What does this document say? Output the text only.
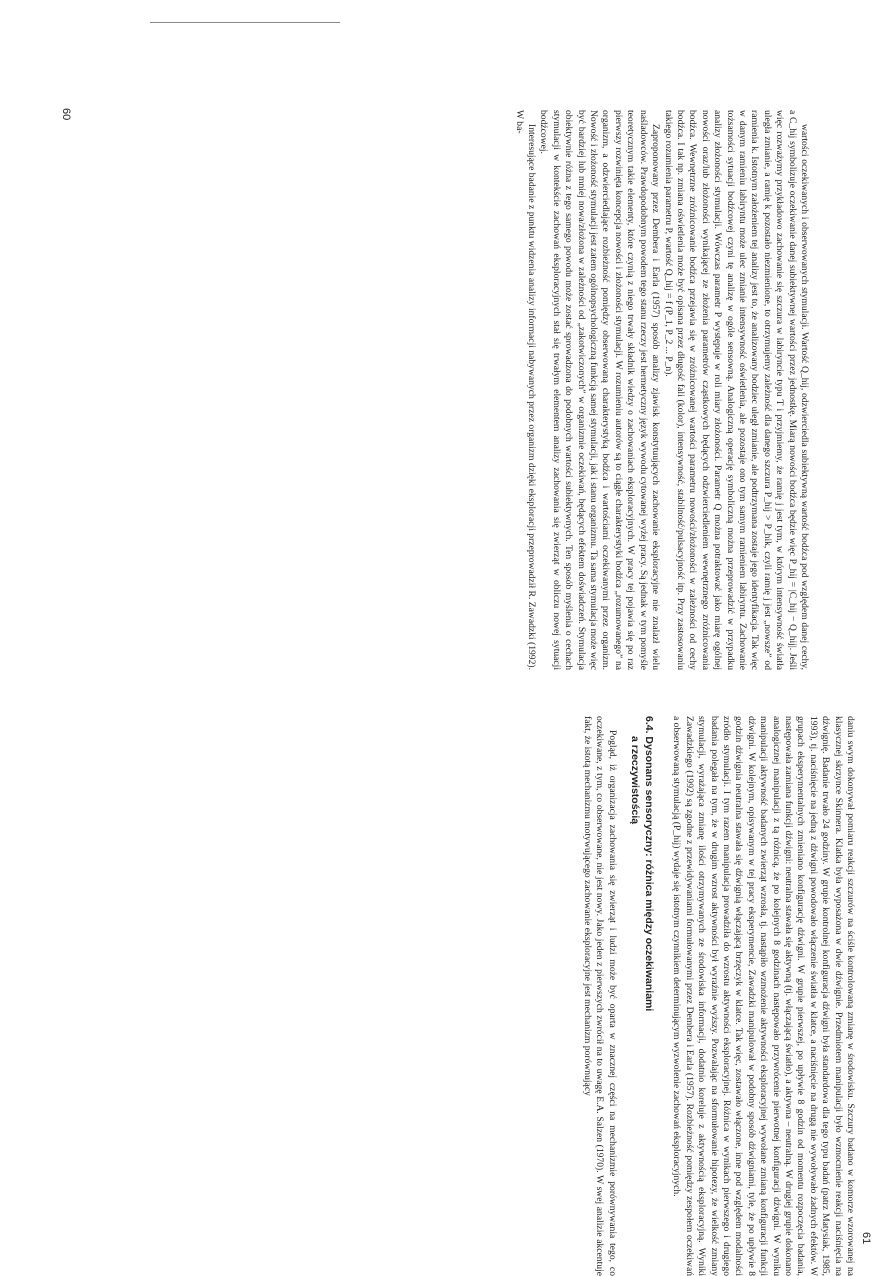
wartości oczekiwanych i obserwowanych stymulacji. Wartość Q_hij, odzwierciedla subiektywną wartość bodźca pod względem danej cechy, a C_hij symbolizuje oczekiwanie danej subiektywnej wartości przez jednostkę. Miarą nowości bodźca będzie więc P_hij = |C_hij − Q_hij|. Jeśli więc rozważymy przykładowo zachowanie się szczura w labiryncie typu T i przyjmiemy, że ramię j jest tym, w którym intensywność światła uległa zmianie, a ramię k pozostało niezmienione, to otrzymujemy zależność dla danego szczura P_hij > P_hik, czyli ramię j jest „nowsze” od ramienia k. Istotnym założeniem tej analizy jest to, że analizowany bodziec uległ zmianie, ale podtrzymana zostaje jego identyfikacja. Tak więc w danym ramieniu labiryntu może ulec zmianie intensywność oświetlenia, ale pozostaje ono tym samym ramieniem labiryntu. Zachowanie tożsamości sytuacji bodźcowej czyni tę analizę w ogóle sensowną. Analogiczną operację symboliczną można przeprowadzić w przypadku analizy złożoności stymulacji. Wówczas parametr P występuje w roli miary złożoności. Parametr Q można potraktować jako miarę ogólnej nowości oraz/lub złożoności wynikającej ze złożenia parametrów cząstkowych będących odzwierciedleniem wewnętrznego zróżnicowania bodźca. Wewnętrzne zróżnicowanie bodźca przejawia się w zróżnicowanej wartości parametru nowości/złożoności w zależności od cechy bodźca. I tak np. zmiana oświetlenia może być opisana przez długość fali (kolor), intensywność, stabilność/pulsacyjność itp. Przy zastosowaniu takiego rozumienia parametru P, wartość Q_hij = f (P_1, P_2 ... P_n).

Zaproponowany przez Dembera i Earla (1957) sposób analizy zjawisk konstytuujących zachowanie eksploracyjne nie znalazł wielu naśladowców. Prawdopodobnym powodem tego stanu rzeczy jest hermetyczny język wywodu cytowanej wyżej pracy. Są jednak w tym pomyśle teoretycznym takie elementy, które czynią z niego trwały składnik wiedzy o zachowaniach eksploracyjnych. W pracy tej pojawia się po raz pierwszy rozwinięta koncepcja nowości i złożoności stymulacji. W rozumieniu autorów są to ciągłe charakterystyki bodźca „rozumowanego” na organizm, a odzwierciedlające rozbieżność pomiędzy obserwowaną charakterystyką bodźca i wartościami oczekiwanymi przez organizm. Nowość i złożoność stymulacji jest zatem ogólnopsychologiczną funkcją samej stymulacji, jak i stanu organizmu. Ta sama stymulacja może więc być bardziej lub mniej nowa/złożona w zależności od „zakotwiczonych” w organizmie oczekiwań, będących efektem doświadczeń. Stymulacja obiektywnie różna z tego samego powodu może zostać sprowadzona do podobnych wartości subiektywnych. Ten sposób myślenia o cechach stymulacji w kontekście zachowań eksploracyjnych stał się trwałym elementem analizy zachowania się zwierząt w obliczu nowej sytuacji bodźcowej.

Interesujące badanie z punktu widzenia analizy informacji nabywanych przez organizm dzięki eksploracji przeprowadził R. Zawadzki (1992). W ba-

daniu swym dokonywał pomiaru reakcji szczurów na ściśle kontrolowaną zmianę w środowisku. Szczury badano w komorze wzorowanej na klasycznej skrzynce Skinnera. Klatka była wyposażona w dwie dźwignie. Przedmiotem manipulacji było wzmocnienie reakcji naciśnięcia na dźwignię. Badanie trwało 24 godziny. W grupie kontrolnej konfiguracja dźwigni była standardowa dla tego typu badań (patrz Matysiak, 1985, 1993), tj. naciśnięcie na jedną z dźwigni powodowało włączenie światła w klatce, a naciśnięcie na drugą nie wywoływało żadnych efektów. W grupach eksperymentalnych zmieniano konfigurację dźwigni. W grupie pierwszej, po upływie 8 godzin od momentu rozpoczęcia badania, następowała zamiana funkcji dźwigni: neutralna stawała się aktywną (tj. włączającą światło), a aktywna – neutralną. W drugiej grupie dokonano analogicznej manipulacji z tą różnicą, że po kolejnych 8 godzinach następowało przywrócenie pierwotnej konfiguracji dźwigni. W wyniku manipulacji aktywność badanych zwierząt wzrosła, tj. nastąpiło wzmożenie aktywności eksploracyjnej wywołane zmianą konfiguracji funkcji dźwigni. W kolejnym, opisywanym w tej pracy eksperymencie, Zawadzki manipulował w podobny sposób dźwigniami, tyle, że po upływie 8 godzin dźwignia neutralna stawała się dźwignią włączającą brzęczyk w klatce. Tak więc, zostawało włączone, inne pod względem modalności zródło stymulacji. I tym razem manipulacja prowadziła do wzrostu aktywności eksploracyjnej. Różnica w wynikach pierwszego i drugiego badania polegała na tym, że w drugim wzrost aktywności był wyraźnie wyższy. Pozwalając na sformułowanie hipotezy, że wielkość zmiany stymulacji, wyrażająca zmianę ilości otrzymywanych ze środowiska informacji, dodatnio koreluje z aktywnością eksploracyjną. Wyniki Zawadzkiego (1992) są zgodne z przewidywaniami formułowanymi przez Dembera i Earla (1957). Rozbieżność pomiędzy zespołem oczekiwań a obserwowaną stymulacją (P_hij) wydaje się istotnym czynnikiem determinującym wyzwolenie zachowań eksploracyjnych.

6.4. Dysonans sensoryczny: różnica między oczekiwaniami
a rzeczywistością

Pogląd, iż organizacja zachowania się zwierząt i ludzi może być oparta w znacznej części na mechanizmie porównywania tego, co oczekiwane, z tym, co obserwowane, nie jest nowy. Jako jeden z pierwszych zwrócił na to uwagę E.A. Salzen (1970). W swej analizie akcentuje fakt, że istotą mechanizmu motywującego zachowanie eksploracyjne jest mechanizm porównujący

60
61
